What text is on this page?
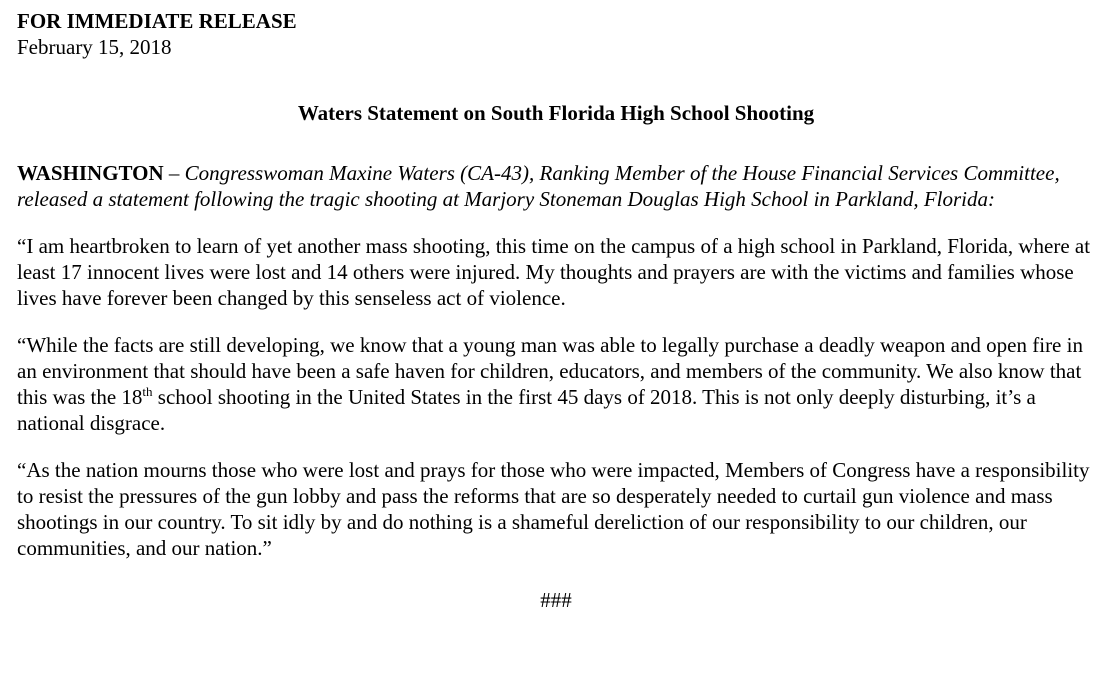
FOR IMMEDIATE RELEASE
February 15, 2018
Waters Statement on South Florida High School Shooting

WASHINGTON – Congresswoman Maxine Waters (CA-43), Ranking Member of the House Financial Services Committee, released a statement following the tragic shooting at Marjory Stoneman Douglas High School in Parkland, Florida:

“I am heartbroken to learn of yet another mass shooting, this time on the campus of a high school in Parkland, Florida, where at least 17 innocent lives were lost and 14 others were injured. My thoughts and prayers are with the victims and families whose lives have forever been changed by this senseless act of violence.

“While the facts are still developing, we know that a young man was able to legally purchase a deadly weapon and open fire in an environment that should have been a safe haven for children, educators, and members of the community. We also know that this was the 18th school shooting in the United States in the first 45 days of 2018. This is not only deeply disturbing, it’s a national disgrace.

“As the nation mourns those who were lost and prays for those who were impacted, Members of Congress have a responsibility to resist the pressures of the gun lobby and pass the reforms that are so desperately needed to curtail gun violence and mass shootings in our country. To sit idly by and do nothing is a shameful dereliction of our responsibility to our children, our communities, and our nation.”

###
